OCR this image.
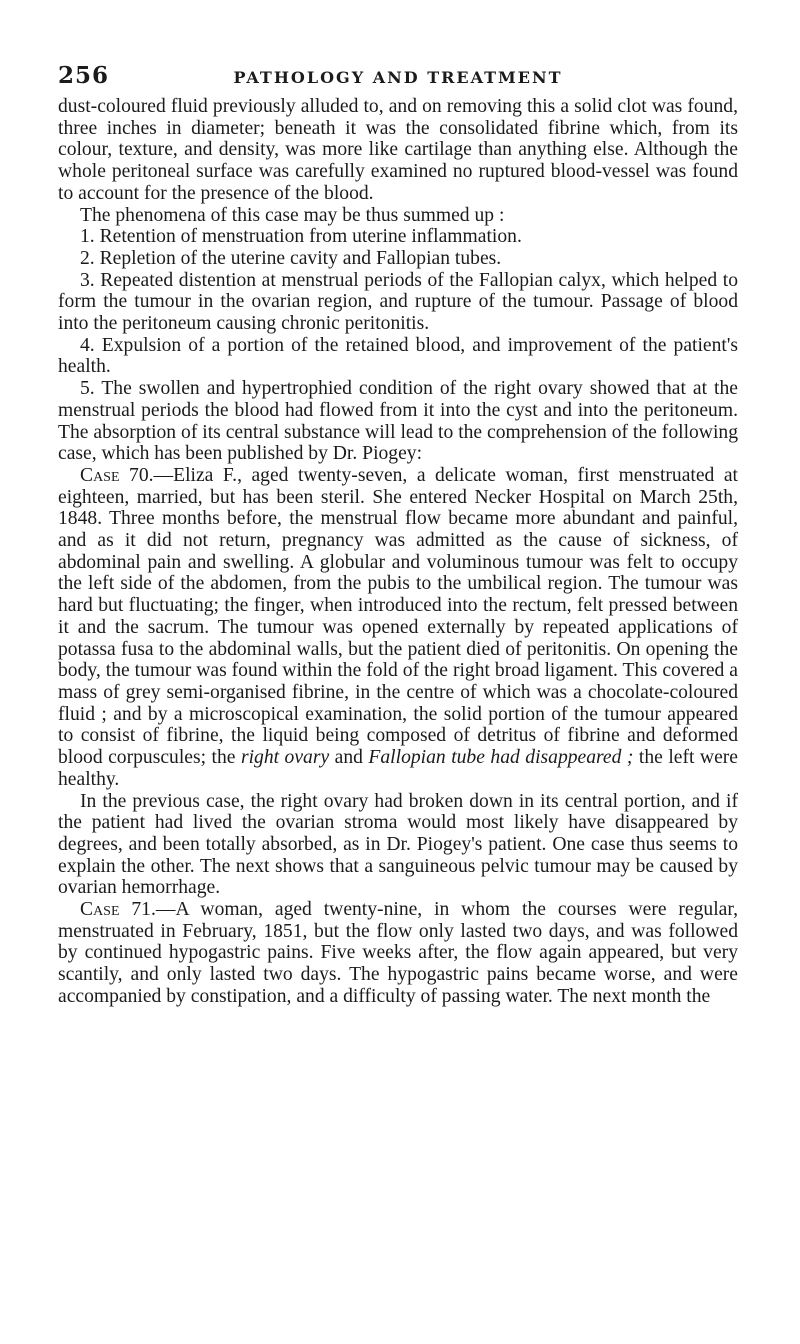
256	PATHOLOGY AND TREATMENT

dust-coloured fluid previously alluded to, and on removing this a solid clot was found, three inches in diameter; beneath it was the consolidated fibrine which, from its colour, texture, and density, was more like cartilage than anything else. Although the whole peritoneal surface was carefully examined no ruptured blood-vessel was found to account for the presence of the blood.

The phenomena of this case may be thus summed up :

1. Retention of menstruation from uterine inflammation.

2. Repletion of the uterine cavity and Fallopian tubes.

3. Repeated distention at menstrual periods of the Fallopian calyx, which helped to form the tumour in the ovarian region, and rupture of the tumour. Passage of blood into the peritoneum causing chronic peritonitis.

4. Expulsion of a portion of the retained blood, and improvement of the patient's health.

5. The swollen and hypertrophied condition of the right ovary showed that at the menstrual periods the blood had flowed from it into the cyst and into the peritoneum. The absorption of its central substance will lead to the comprehension of the following case, which has been published by Dr. Piogey:

Case 70.—Eliza F., aged twenty-seven, a delicate woman, first menstruated at eighteen, married, but has been steril. She entered Necker Hospital on March 25th, 1848. Three months before, the menstrual flow became more abundant and painful, and as it did not return, pregnancy was admitted as the cause of sickness, of abdominal pain and swelling. A globular and voluminous tumour was felt to occupy the left side of the abdomen, from the pubis to the umbilical region. The tumour was hard but fluctuating; the finger, when introduced into the rectum, felt pressed between it and the sacrum. The tumour was opened externally by repeated applications of potassa fusa to the abdominal walls, but the patient died of peritonitis. On opening the body, the tumour was found within the fold of the right broad ligament. This covered a mass of grey semi-organised fibrine, in the centre of which was a chocolate-coloured fluid ; and by a microscopical examination, the solid portion of the tumour appeared to consist of fibrine, the liquid being composed of detritus of fibrine and deformed blood corpuscules; the right ovary and Fallopian tube had disappeared ; the left were healthy.

In the previous case, the right ovary had broken down in its central portion, and if the patient had lived the ovarian stroma would most likely have disappeared by degrees, and been totally absorbed, as in Dr. Piogey's patient. One case thus seems to explain the other. The next shows that a sanguineous pelvic tumour may be caused by ovarian hemorrhage.

Case 71.—A woman, aged twenty-nine, in whom the courses were regular, menstruated in February, 1851, but the flow only lasted two days, and was followed by continued hypogastric pains. Five weeks after, the flow again appeared, but very scantily, and only lasted two days. The hypogastric pains became worse, and were accompanied by constipation, and a difficulty of passing water. The next month the
